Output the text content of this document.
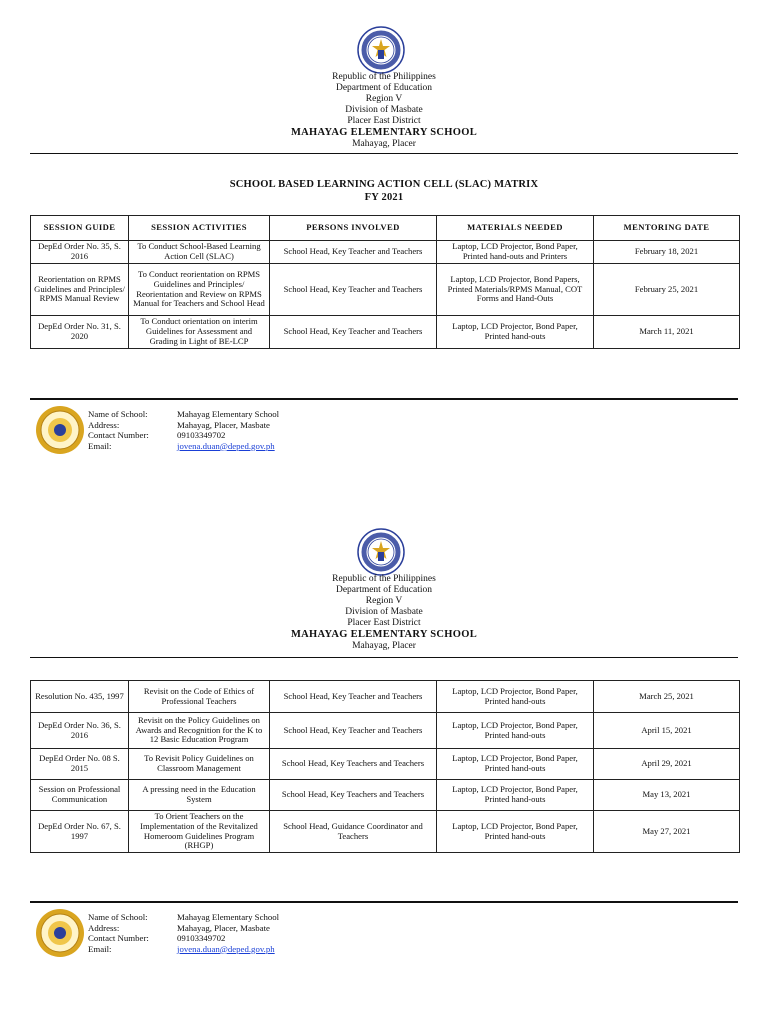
Republic of the Philippines
Department of Education
Region V
Division of Masbate
Placer East District
MAHAYAG ELEMENTARY SCHOOL
Mahayag, Placer
SCHOOL BASED LEARNING ACTION CELL (SLAC) MATRIX
FY 2021
SESSION GUIDE	SESSION ACTIVITIES	PERSONS INVOLVED	MATERIALS NEEDED	MENTORING DATE
DepEd Order No. 35, S. 2016	To Conduct School-Based Learning Action Cell (SLAC)	School Head, Key Teacher and Teachers	Laptop, LCD Projector, Bond Paper, Printed hand-outs and Printers	February 18, 2021
Reorientation on RPMS Guidelines and Principles/ RPMS Manual Review	To Conduct reorientation on RPMS Guidelines and Principles/ Reorientation and Review on RPMS Manual for Teachers and School Head	School Head, Key Teacher and Teachers	Laptop, LCD Projector, Bond Papers, Printed Materials/RPMS Manual, COT Forms and Hand-Outs	February 25, 2021
DepEd Order No. 31, S. 2020	To Conduct orientation on interim Guidelines for Assessment and Grading in Light of BE-LCP	School Head, Key Teacher and Teachers	Laptop, LCD Projector, Bond Paper, Printed hand-outs	March 11, 2021
Name of School:	Mahayag Elementary School
Address:	Mahayag, Placer, Masbate
Contact Number:	09103349702
Email:	jovena.duan@deped.gov.ph
Republic of the Philippines
Department of Education
Region V
Division of Masbate
Placer East District
MAHAYAG ELEMENTARY SCHOOL
Mahayag, Placer
Resolution No. 435, 1997	Revisit on the Code of Ethics of Professional Teachers	School Head, Key Teacher and Teachers	Laptop, LCD Projector, Bond Paper, Printed hand-outs	March 25, 2021
DepEd Order No. 36, S. 2016	Revisit on the Policy Guidelines on Awards and Recognition for the K to 12 Basic Education Program	School Head, Key Teacher and Teachers	Laptop, LCD Projector, Bond Paper, Printed hand-outs	April 15, 2021
DepEd Order No. 08 S. 2015	To Revisit Policy Guidelines on Classroom Management	School Head, Key Teachers and Teachers	Laptop, LCD Projector, Bond Paper, Printed hand-outs	April 29, 2021
Session on Professional Communication	A pressing need in the Education System	School Head, Key Teachers and Teachers	Laptop, LCD Projector, Bond Paper, Printed hand-outs	May 13, 2021
DepEd Order No. 67, S. 1997	To Orient Teachers on the Implementation of the Revitalized Homeroom Guidelines Program (RHGP)	School Head, Guidance Coordinator and Teachers	Laptop, LCD Projector, Bond Paper, Printed hand-outs	May 27, 2021
Name of School:	Mahayag Elementary School
Address:	Mahayag, Placer, Masbate
Contact Number:	09103349702
Email:	jovena.duan@deped.gov.ph
